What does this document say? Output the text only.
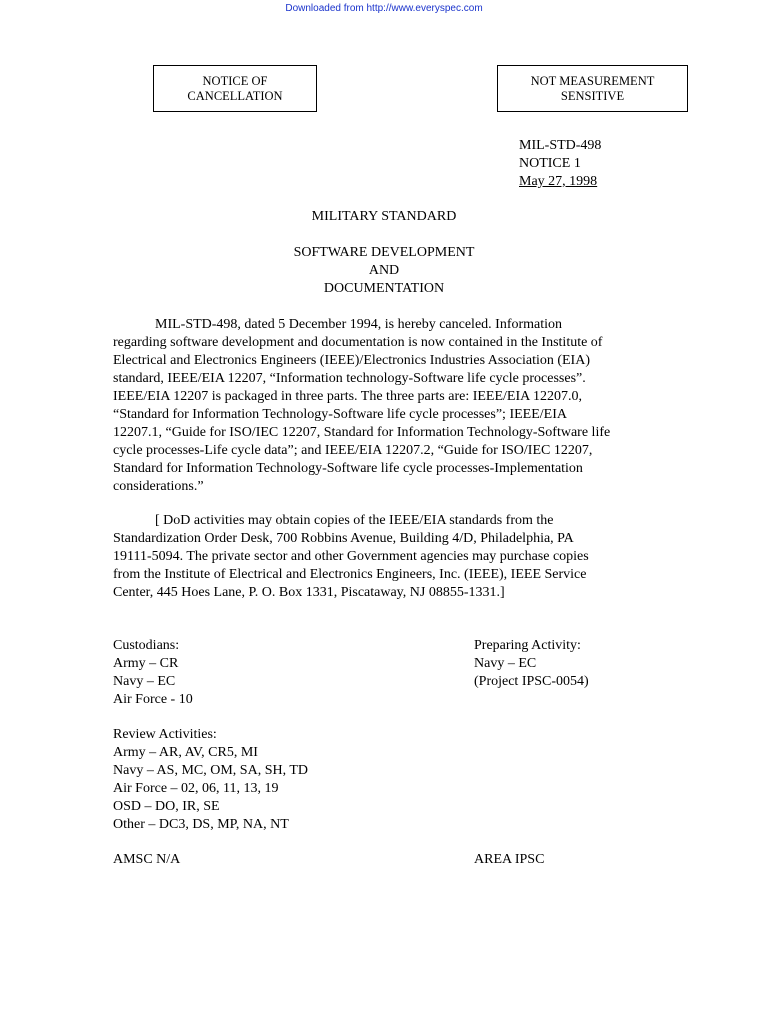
Downloaded from http://www.everyspec.com
NOTICE OF
CANCELLATION
NOT MEASUREMENT
SENSITIVE
MIL-STD-498
NOTICE 1
May 27, 1998
MILITARY STANDARD
SOFTWARE DEVELOPMENT
AND
DOCUMENTATION
MIL-STD-498, dated 5 December 1994, is hereby canceled. Information
regarding software development and documentation is now contained in the Institute of
Electrical and Electronics Engineers (IEEE)/Electronics Industries Association (EIA)
standard, IEEE/EIA 12207, “Information technology-Software life cycle processes”.
IEEE/EIA 12207 is packaged in three parts. The three parts are: IEEE/EIA 12207.0,
“Standard for Information Technology-Software life cycle processes”; IEEE/EIA
12207.1, “Guide for ISO/IEC 12207, Standard for Information Technology-Software life
cycle processes-Life cycle data”; and IEEE/EIA 12207.2, “Guide for ISO/IEC 12207,
Standard for Information Technology-Software life cycle processes-Implementation
considerations.”
[ DoD activities may obtain copies of the IEEE/EIA standards from the
Standardization Order Desk, 700 Robbins Avenue, Building 4/D, Philadelphia, PA
19111-5094. The private sector and other Government agencies may purchase copies
from the Institute of Electrical and Electronics Engineers, Inc. (IEEE), IEEE Service
Center, 445 Hoes Lane, P. O. Box 1331, Piscataway, NJ 08855-1331.]
Custodians:
Army – CR
Navy – EC
Air Force - 10
Preparing Activity:
Navy – EC
(Project IPSC-0054)
Review Activities:
Army – AR, AV, CR5, MI
Navy – AS, MC, OM, SA, SH, TD
Air Force – 02, 06, 11, 13, 19
OSD – DO, IR, SE
Other – DC3, DS, MP, NA, NT
AMSC N/A	AREA IPSC
